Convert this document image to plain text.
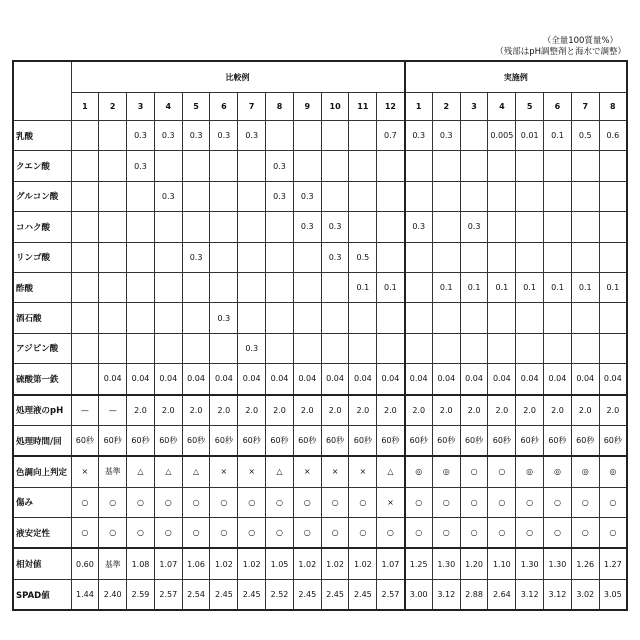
（全量100質量%）
（残部はpH調整剤と海水で調整）
	比較例	実施例
1	2	3	4	5	6	7	8	9	10	11	12	1	2	3	4	5	6	7	8
乳酸			0.3	0.3	0.3	0.3	0.3					0.7	0.3	0.3		0.005	0.01	0.1	0.5	0.6
クエン酸			0.3					0.3												
グルコン酸				0.3				0.3	0.3											
コハク酸									0.3	0.3			0.3		0.3					
リンゴ酸					0.3					0.3	0.5									
酢酸											0.1	0.1		0.1	0.1	0.1	0.1	0.1	0.1	0.1
酒石酸						0.3														
アジピン酸							0.3													
硫酸第一鉄		0.04	0.04	0.04	0.04	0.04	0.04	0.04	0.04	0.04	0.04	0.04	0.04	0.04	0.04	0.04	0.04	0.04	0.04	0.04
処理液のpH	—	—	2.0	2.0	2.0	2.0	2.0	2.0	2.0	2.0	2.0	2.0	2.0	2.0	2.0	2.0	2.0	2.0	2.0	2.0
処理時間/回	60秒	60秒	60秒	60秒	60秒	60秒	60秒	60秒	60秒	60秒	60秒	60秒	60秒	60秒	60秒	60秒	60秒	60秒	60秒	60秒
色調向上判定	×	基準	△	△	△	×	×	△	×	×	×	△	◎	◎	○	○	◎	◎	◎	◎
傷み	○	○	○	○	○	○	○	○	○	○	○	×	○	○	○	○	○	○	○	○
液安定性	○	○	○	○	○	○	○	○	○	○	○	○	○	○	○	○	○	○	○	○
相対値	0.60	基準	1.08	1.07	1.06	1.02	1.02	1.05	1.02	1.02	1.02	1.07	1.25	1.30	1.20	1.10	1.30	1.30	1.26	1.27
SPAD値	1.44	2.40	2.59	2.57	2.54	2.45	2.45	2.52	2.45	2.45	2.45	2.57	3.00	3.12	2.88	2.64	3.12	3.12	3.02	3.05
